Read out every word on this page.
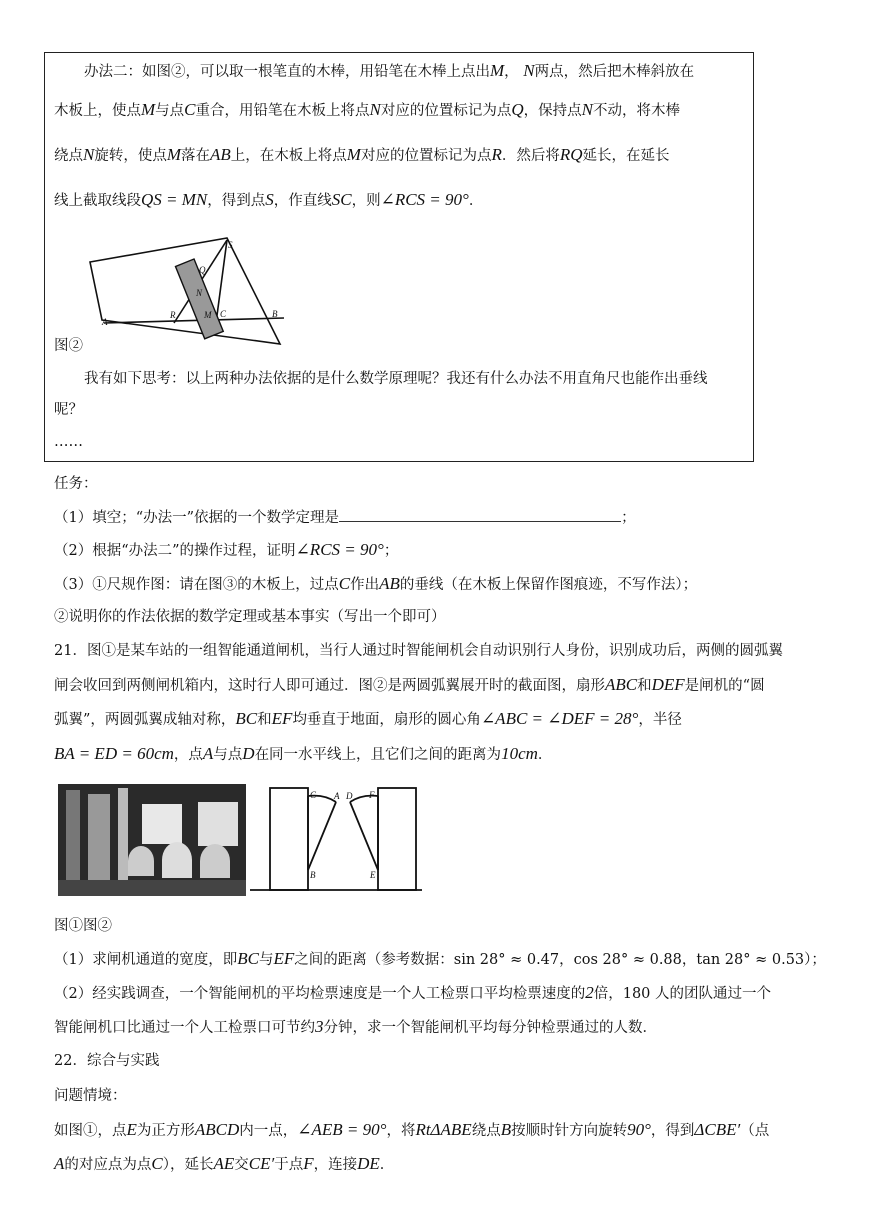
办法二：如图②，可以取一根笔直的木棒，用铅笔在木棒上点出M， N两点，然后把木棒斜放在
木板上，使点M与点C重合，用铅笔在木板上将点N对应的位置标记为点Q，保持点N不动，将木棒
绕点N旋转，使点M落在AB上，在木板上将点M对应的位置标记为点R．然后将RQ延长，在延长
线上截取线段QS = MN，得到点S，作直线SC，则∠RCS = 90°．
A
B
C
R
S
Q
N
M
图②
我有如下思考：以上两种办法依据的是什么数学原理呢？我还有什么办法不用直角尺也能作出垂线
呢？
……
任务：
（1）填空；“办法一”依据的一个数学定理是	；
（2）根据“办法二”的操作过程，证明∠RCS = 90°；
（3）①尺规作图：请在图③的木板上，过点C作出AB的垂线（在木板上保留作图痕迹，不写作法）；
②说明你的作法依据的数学定理或基本事实（写出一个即可）
21．图①是某车站的一组智能通道闸机，当行人通过时智能闸机会自动识别行人身份，识别成功后，两侧的圆弧翼
闸会收回到两侧闸机箱内，这时行人即可通过．图②是两圆弧翼展开时的截面图，扇形ABC和DEF是闸机的“圆
弧翼”，两圆弧翼成轴对称，BC和EF均垂直于地面，扇形的圆心角∠ABC = ∠DEF = 28°，半径
BA = ED = 60cm，点A与点D在同一水平线上，且它们之间的距离为10cm．
C A D F
B	E
图①图②
（1）求闸机通道的宽度，即BC与EF之间的距离（参考数据：sin 28° ≈ 0.47，cos 28° ≈ 0.88，tan 28° ≈ 0.53）；
（2）经实践调查，一个智能闸机的平均检票速度是一个人工检票口平均检票速度的2倍，180 人的团队通过一个
智能闸机口比通过一个人工检票口可节约3分钟，求一个智能闸机平均每分钟检票通过的人数．
22．综合与实践
问题情境：
如图①，点E为正方形ABCD内一点，∠AEB = 90°，将RtΔABE绕点B按顺时针方向旋转90°，得到ΔCBE′（点
A的对应点为点C），延长AE交CE′于点F，连接DE．
